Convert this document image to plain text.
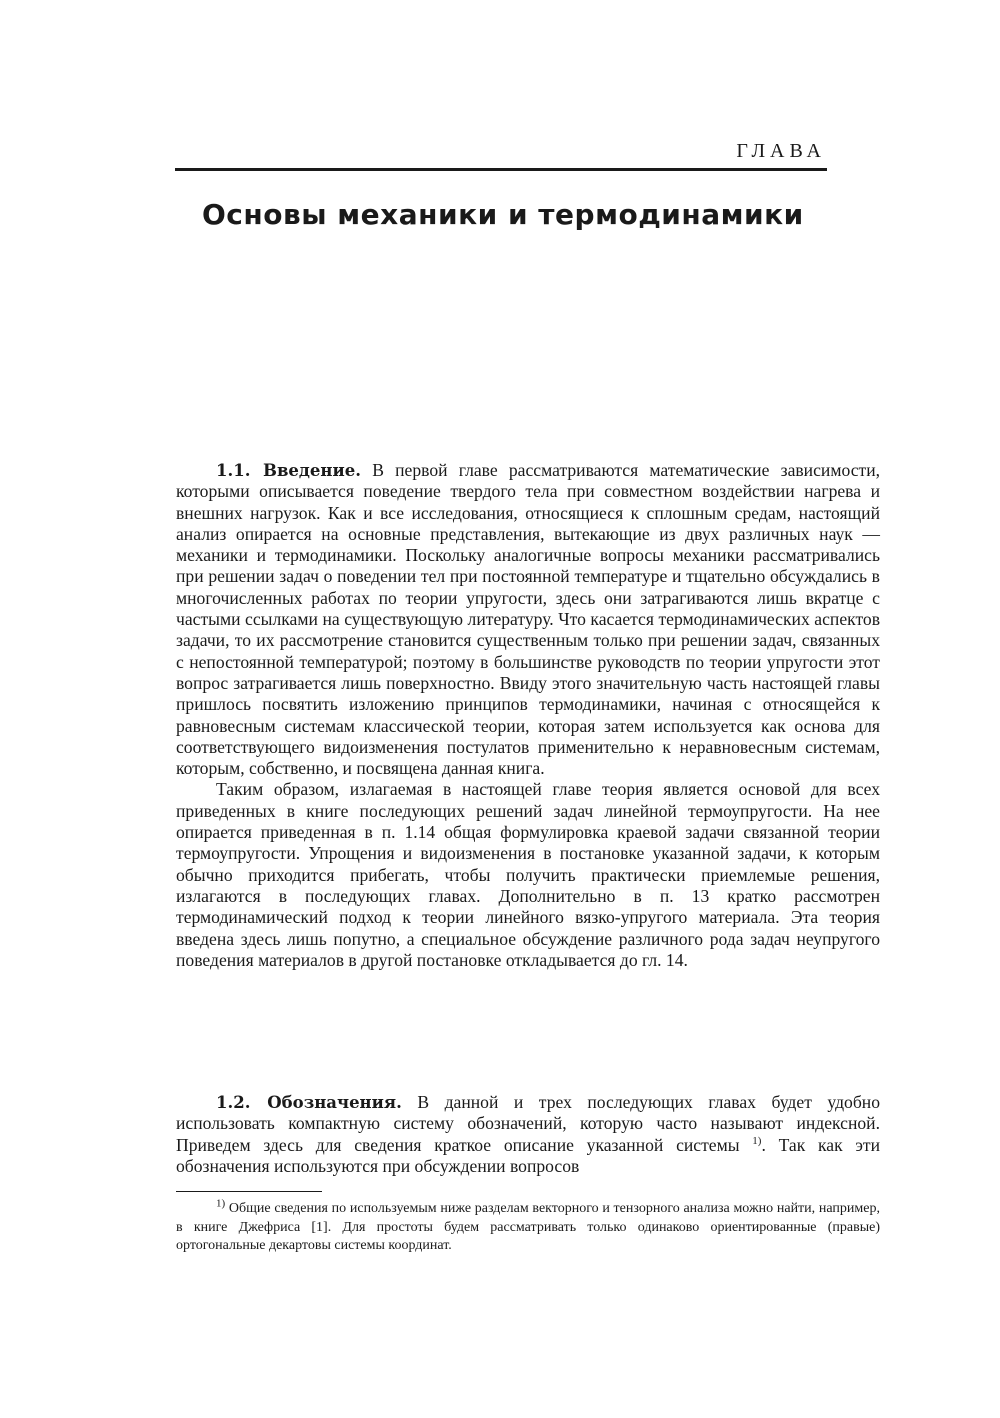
ГЛАВА
Основы механики и термодинамики

1.1. Введение. В первой главе рассматриваются математические зависимости, которыми описывается поведение твердого тела при совместном воздействии нагрева и внешних нагрузок. Как и все исследования, относящиеся к сплошным средам, настоящий анализ опирается на основные представления, вытекающие из двух различных наук — механики и термодинамики. Поскольку аналогичные вопросы механики рассматривались при решении задач о поведении тел при постоянной температуре и тщательно обсуждались в многочисленных работах по теории упругости, здесь они затрагиваются лишь вкратце с частыми ссылками на существующую литературу. Что касается термодинамических аспектов задачи, то их рассмотрение становится существенным только при решении задач, связанных с непостоянной температурой; поэтому в большинстве руководств по теории упругости этот вопрос затрагивается лишь поверхностно. Ввиду этого значительную часть настоящей главы пришлось посвятить изложению принципов термодинамики, начиная с относящейся к равновесным системам классической теории, которая затем используется как основа для соответствующего видоизменения постулатов применительно к неравновесным системам, которым, собственно, и посвящена данная книга.

Таким образом, излагаемая в настоящей главе теория является основой для всех приведенных в книге последующих решений задач линейной термоупругости. На нее опирается приведенная в п. 1.14 общая формулировка краевой задачи связанной теории термоупругости. Упрощения и видоизменения в постановке указанной задачи, к которым обычно приходится прибегать, чтобы получить практически приемлемые решения, излагаются в последующих главах. Дополнительно в п. 13 кратко рассмотрен термодинамический подход к теории линейного вязко-упругого материала. Эта теория введена здесь лишь попутно, а специальное обсуждение различного рода задач неупругого поведения материалов в другой постановке откладывается до гл. 14.

1.2. Обозначения. В данной и трех последующих главах будет удобно использовать компактную систему обозначений, которую часто называют индексной. Приведем здесь для сведения краткое описание указанной системы $^{1)}$. Так как эти обозначения используются при обсуждении вопросов

$^{1)}$ Общие сведения по используемым ниже разделам векторного и тензорного анализа можно найти, например, в книге Джефриса [1]. Для простоты будем рассматривать только одинаково ориентированные (правые) ортогональные декартовы системы координат.
